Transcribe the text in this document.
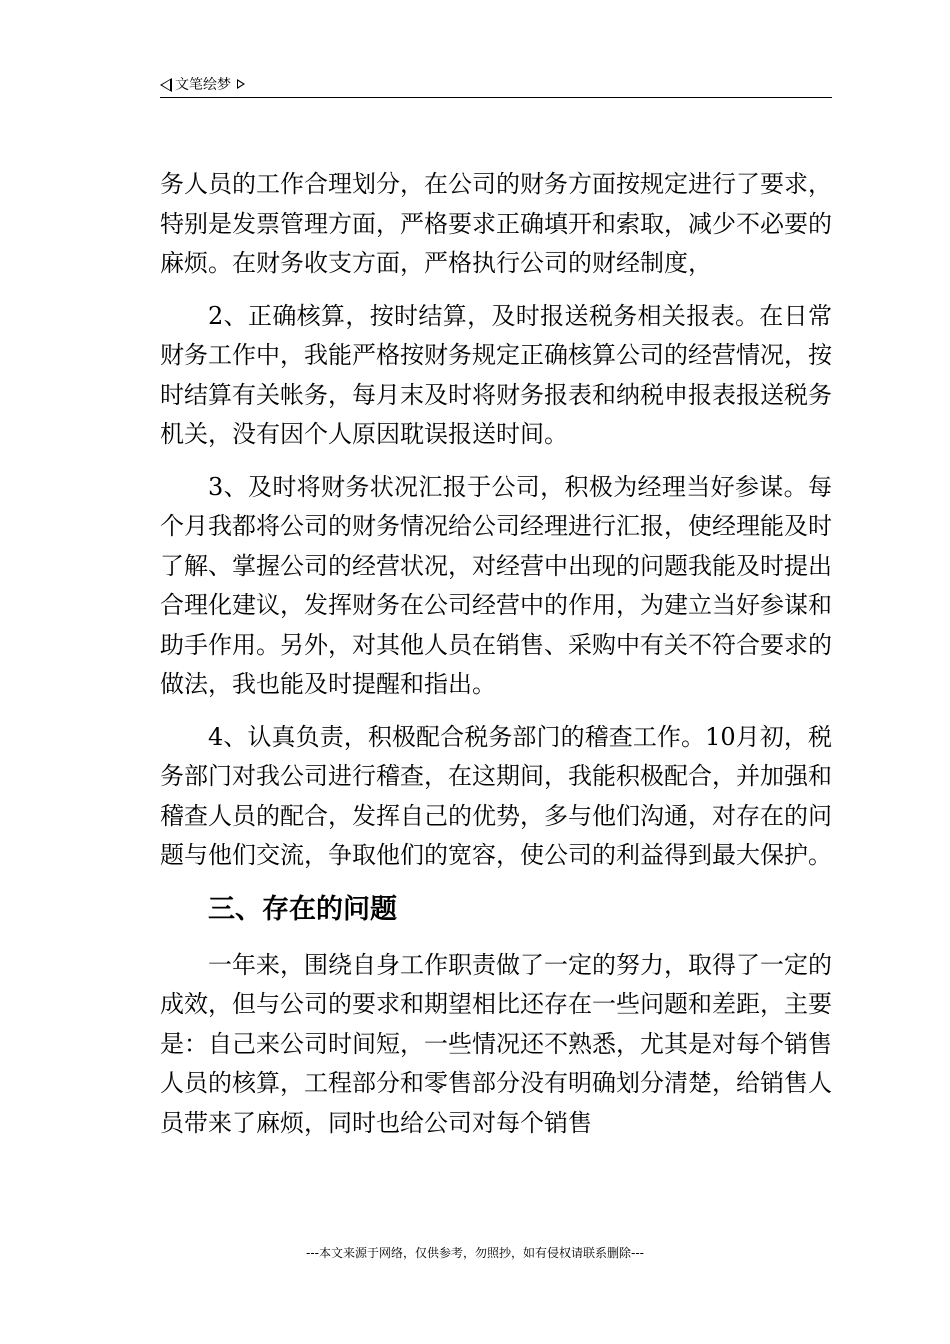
文笔绘梦

务人员的工作合理划分，在公司的财务方面按规定进行了要求，特别是发票管理方面，严格要求正确填开和索取，减少不必要的麻烦。在财务收支方面，严格执行公司的财经制度，

2、正确核算，按时结算，及时报送税务相关报表。在日常财务工作中，我能严格按财务规定正确核算公司的经营情况，按时结算有关帐务，每月末及时将财务报表和纳税申报表报送税务机关，没有因个人原因耽误报送时间。

3、及时将财务状况汇报于公司，积极为经理当好参谋。每个月我都将公司的财务情况给公司经理进行汇报，使经理能及时了解、掌握公司的经营状况，对经营中出现的问题我能及时提出合理化建议，发挥财务在公司经营中的作用，为建立当好参谋和助手作用。另外，对其他人员在销售、采购中有关不符合要求的做法，我也能及时提醒和指出。

4、认真负责，积极配合税务部门的稽查工作。10月初，税务部门对我公司进行稽查，在这期间，我能积极配合，并加强和稽查人员的配合，发挥自己的优势，多与他们沟通，对存在的问题与他们交流，争取他们的宽容，使公司的利益得到最大保护。

三、存在的问题

一年来，围绕自身工作职责做了一定的努力，取得了一定的成效，但与公司的要求和期望相比还存在一些问题和差距，主要是：自己来公司时间短，一些情况还不熟悉，尤其是对每个销售人员的核算，工程部分和零售部分没有明确划分清楚，给销售人员带来了麻烦，同时也给公司对每个销售

---本文来源于网络，仅供参考，勿照抄，如有侵权请联系删除---
